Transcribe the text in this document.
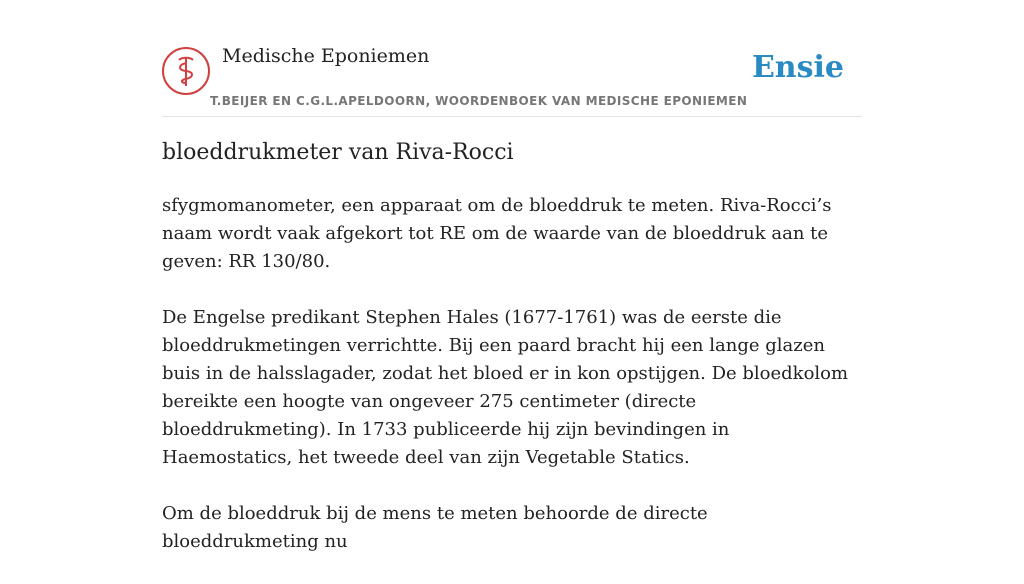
Medische Eponiemen
T.BEIJER EN C.G.L.APELDOORN, WOORDENBOEK VAN MEDISCHE EPONIEMEN
Ensie
bloeddrukmeter van Riva-Rocci

sfygmomanometer, een apparaat om de bloeddruk te meten. Riva-Rocci’s naam wordt vaak afgekort tot RE om de waarde van de bloeddruk aan te geven: RR 130/80.

De Engelse predikant Stephen Hales (1677-1761) was de eerste die bloeddrukmetingen verrichtte. Bij een paard bracht hij een lange glazen buis in de halsslagader, zodat het bloed er in kon opstijgen. De bloedkolom bereikte een hoogte van ongeveer 275 centimeter (directe bloeddrukmeting). In 1733 publiceerde hij zijn bevindingen in Haemostatics, het tweede deel van zijn Vegetable Statics.

Om de bloeddruk bij de mens te meten behoorde de directe bloeddrukmeting nu
